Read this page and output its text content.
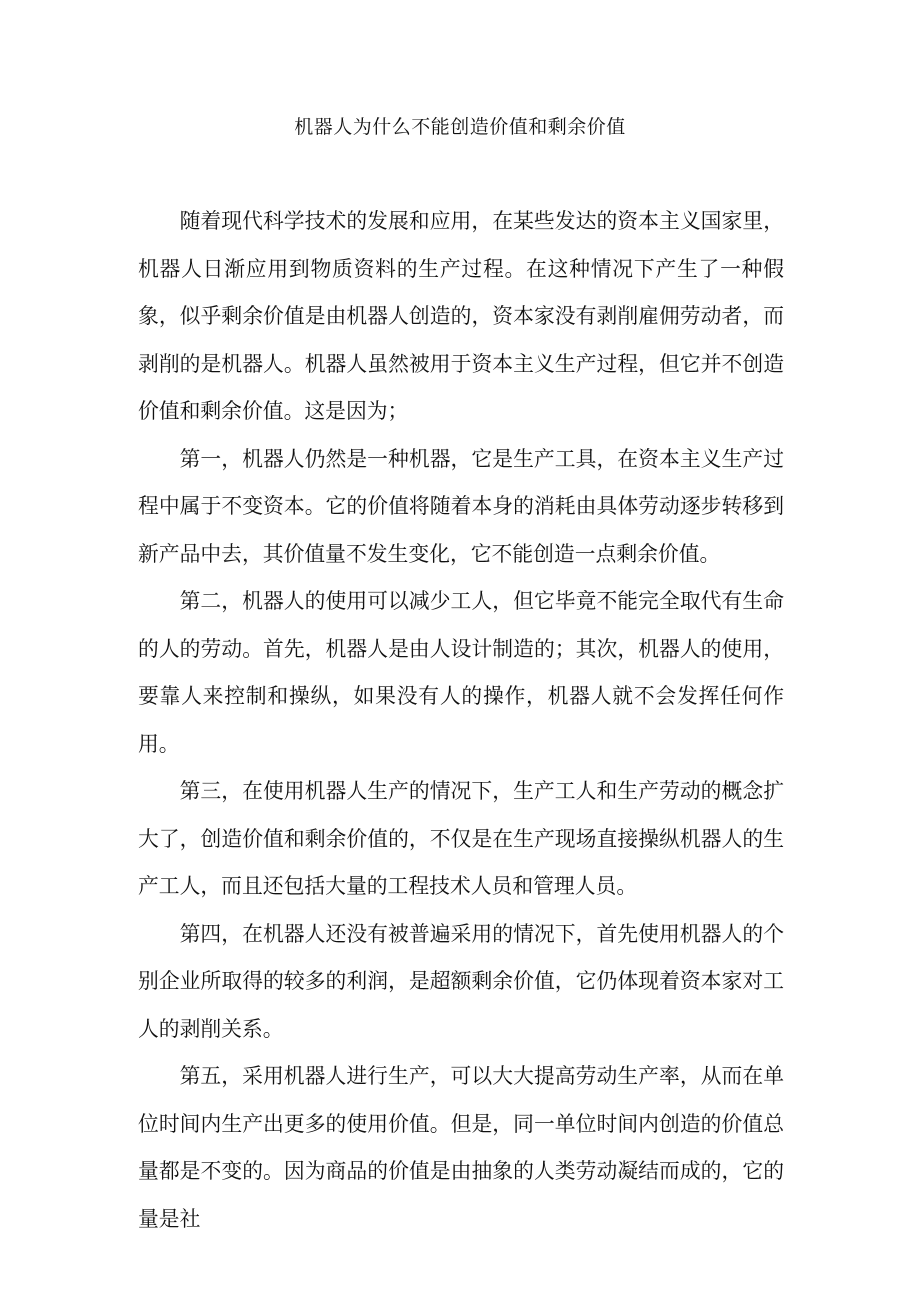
机器人为什么不能创造价值和剩余价值

随着现代科学技术的发展和应用，在某些发达的资本主义国家里，机器人日渐应用到物质资料的生产过程。在这种情况下产生了一种假象，似乎剩余价值是由机器人创造的，资本家没有剥削雇佣劳动者，而剥削的是机器人。机器人虽然被用于资本主义生产过程，但它并不创造价值和剩余价值。这是因为；

第一，机器人仍然是一种机器，它是生产工具，在资本主义生产过程中属于不变资本。它的价值将随着本身的消耗由具体劳动逐步转移到新产品中去，其价值量不发生变化，它不能创造一点剩余价值。

第二，机器人的使用可以减少工人，但它毕竟不能完全取代有生命的人的劳动。首先，机器人是由人设计制造的；其次，机器人的使用，要靠人来控制和操纵，如果没有人的操作，机器人就不会发挥任何作用。

第三，在使用机器人生产的情况下，生产工人和生产劳动的概念扩大了，创造价值和剩余价值的，不仅是在生产现场直接操纵机器人的生产工人，而且还包括大量的工程技术人员和管理人员。

第四，在机器人还没有被普遍采用的情况下，首先使用机器人的个别企业所取得的较多的利润，是超额剩余价值，它仍体现着资本家对工人的剥削关系。

第五，采用机器人进行生产，可以大大提高劳动生产率，从而在单位时间内生产出更多的使用价值。但是，同一单位时间内创造的价值总量都是不变的。因为商品的价值是由抽象的人类劳动凝结而成的，它的量是社
